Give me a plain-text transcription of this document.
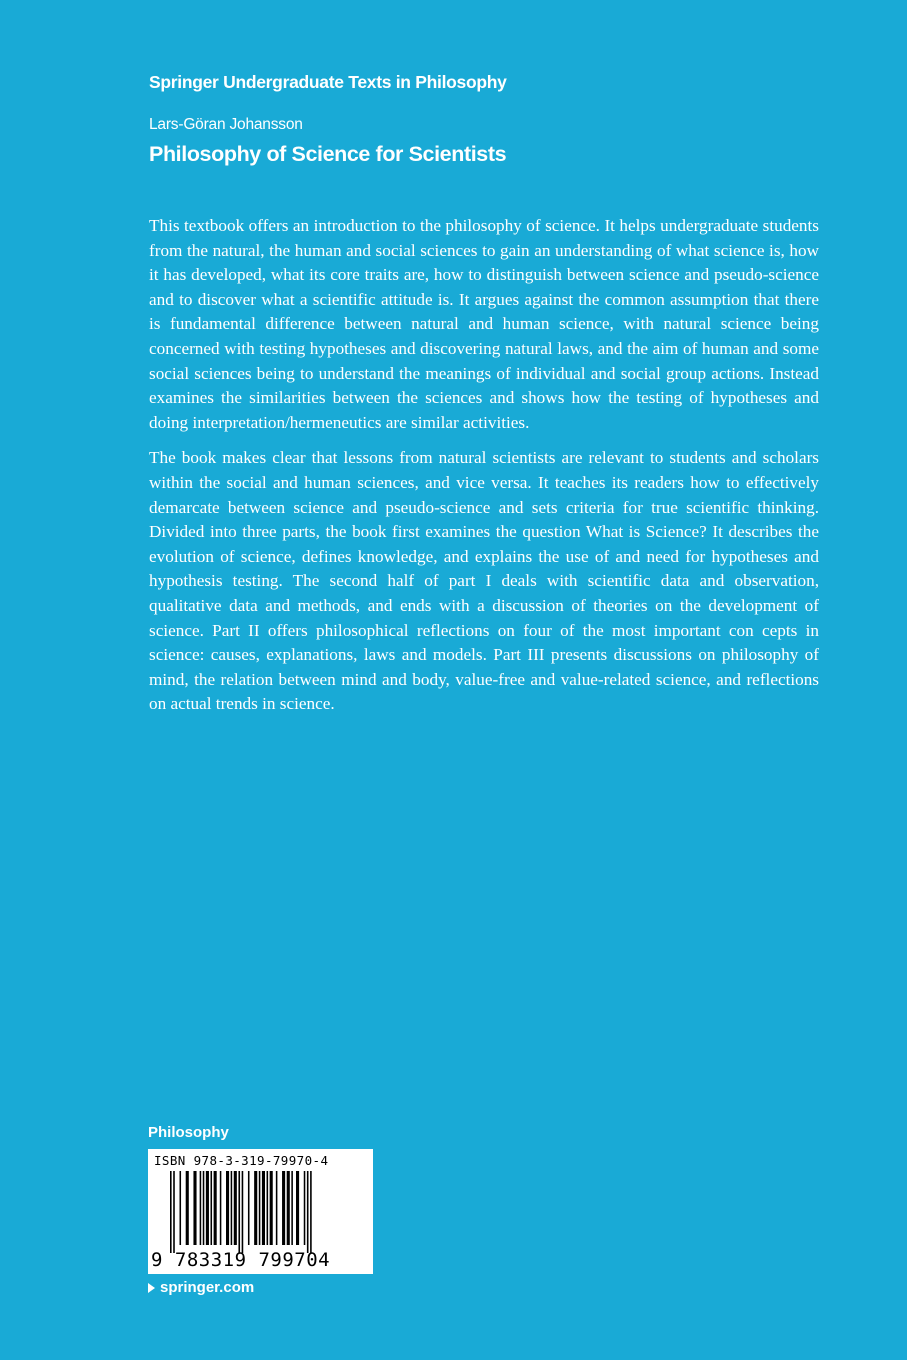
Springer Undergraduate Texts in Philosophy
Lars-Göran Johansson
Philosophy of Science for Scientists

This textbook offers an introduction to the philosophy of science. It helps undergraduate students from the natural, the human and social sciences to gain an understanding of what science is, how it has developed, what its core traits are, how to distinguish between science and pseudo-science and to discover what a scientific attitude is. It argues against the common assumption that there is fundamental difference between natural and human science, with natural science being concerned with testing hypotheses and discovering natural laws, and the aim of human and some social sciences being to understand the meanings of individual and social group actions. Instead examines the similarities between the sciences and shows how the testing of hypotheses and doing interpretation/hermeneutics are similar activities.

The book makes clear that lessons from natural scientists are relevant to students and scholars within the social and human sciences, and vice versa. It teaches its readers how to effectively demarcate between science and pseudo-science and sets criteria for true scientific thinking. Divided into three parts, the book first examines the question What is Science? It describes the evolution of science, defines knowledge, and explains the use of and need for hypotheses and hypothesis testing. The second half of part I deals with scientific data and observation, qualitative data and methods, and ends with a discussion of theories on the development of science. Part II offers philosophical reflections on four of the most important con cepts in science: causes, explanations, laws and models. Part III presents discussions on philosophy of mind, the relation between mind and body, value-free and value-related science, and reflections on actual trends in science.

Philosophy
ISBN 978-3-319-79970-4
9 783319 799704
springer.com
